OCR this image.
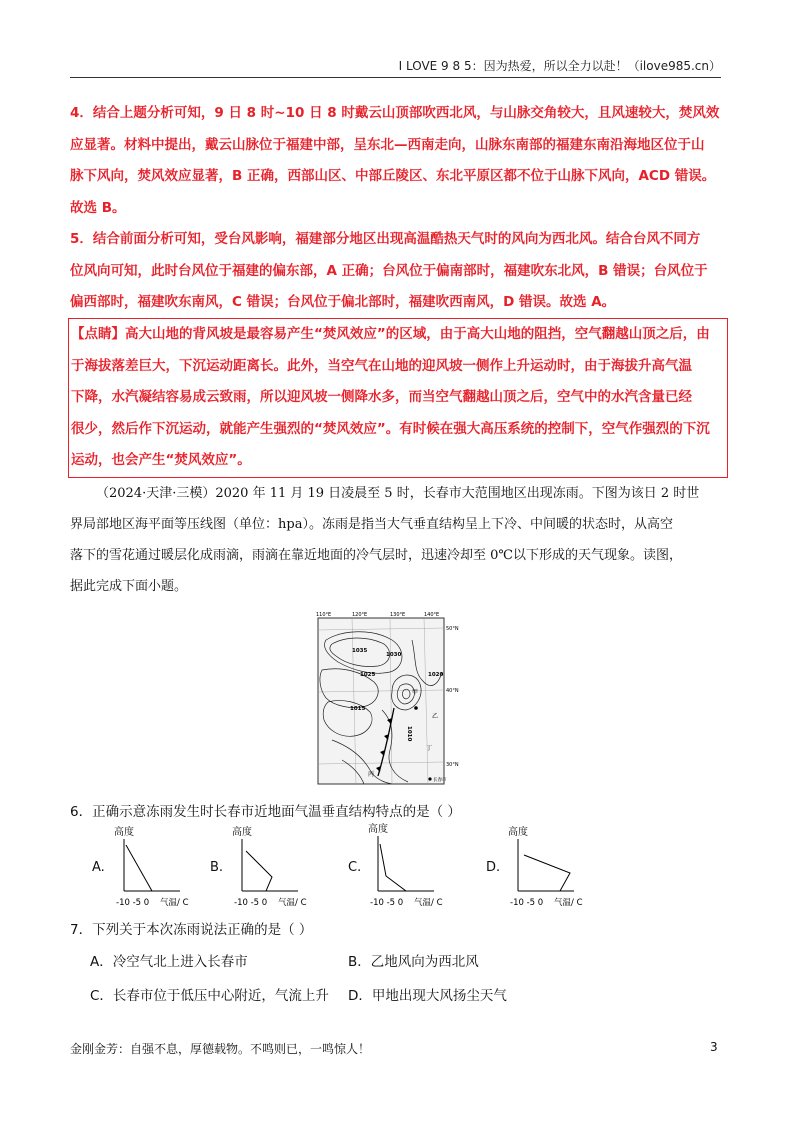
I LOVE 9 8 5：因为热爱，所以全力以赴！（ilove985.cn）

4．结合上题分析可知，9 日 8 时~10 日 8 时戴云山顶部吹西北风，与山脉交角较大，且风速较大，焚风效

应显著。材料中提出，戴云山脉位于福建中部，呈东北—西南走向，山脉东南部的福建东南沿海地区位于山

脉下风向，焚风效应显著，B 正确，西部山区、中部丘陵区、东北平原区都不位于山脉下风向，ACD 错误。

故选 B。

5．结合前面分析可知，受台风影响，福建部分地区出现高温酷热天气时的风向为西北风。结合台风不同方

位风向可知，此时台风位于福建的偏东部，A 正确；台风位于偏南部时，福建吹东北风，B 错误；台风位于

偏西部时，福建吹东南风，C 错误；台风位于偏北部时，福建吹西南风，D 错误。故选 A。

【点睛】高大山地的背风坡是最容易产生“焚风效应”的区域，由于高大山地的阻挡，空气翻越山顶之后，由

于海拔落差巨大，下沉运动距离长。此外，当空气在山地的迎风坡一侧作上升运动时，由于海拔升高气温

下降，水汽凝结容易成云致雨，所以迎风坡一侧降水多，而当空气翻越山顶之后，空气中的水汽含量已经

很少，然后作下沉运动，就能产生强烈的“焚风效应”。有时候在强大高压系统的控制下，空气作强烈的下沉

运动，也会产生“焚风效应”。

（2024·天津·三模）2020 年 11 月 19 日凌晨至 5 时，长春市大范围地区出现冻雨。下图为该日 2 时世
界局部地区海平面等压线图（单位：hpa）。冻雨是指当大气垂直结构呈上下冷、中间暖的状态时，从高空
落下的雪花通过暖层化成雨滴，雨滴在靠近地面的冷气层时，迅速冷却至 0℃以下形成的天气现象。读图，
据此完成下面小题。
110°E	120°E	130°E	140°E
50°N
40°N
30°N
1035
1030
1025	1020
1015
1010
甲
乙
丙
丁
长春市
6．正确示意冻雨发生时长春市近地面气温垂直结构特点的是（ ）
A.
高度
-10 -5 0 气温/ C
B.
高度
-10 -5 0 气温/ C
C.
高度
-10 -5 0 气温/ C
D.
高度
-10 -5 0 气温/ C
7．下列关于本次冻雨说法正确的是（ ）
A．冷空气北上进入长春市	B．乙地风向为西北风
C．长春市位于低压中心附近，气流上升 D．甲地出现大风扬尘天气
金刚金芳：自强不息，厚德载物。不鸣则已，一鸣惊人！	3
